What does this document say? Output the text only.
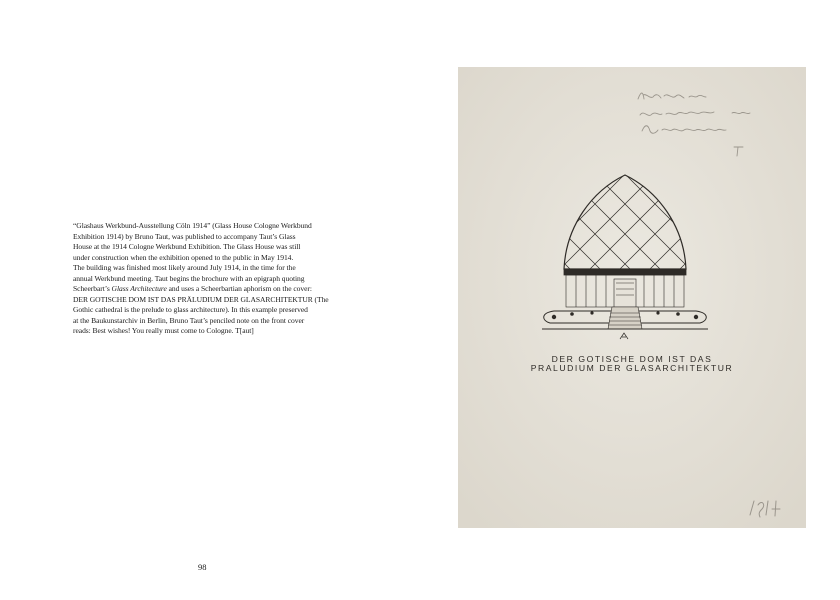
“Glashaus Werkbund-Ausstellung Cöln 1914” (Glass House Cologne Werkbund
Exhibition 1914) by Bruno Taut, was published to accompany Taut’s Glass
House at the 1914 Cologne Werkbund Exhibition. The Glass House was still
under construction when the exhibition opened to the public in May 1914.
The building was finished most likely around July 1914, in the time for the
annual Werkbund meeting. Taut begins the brochure with an epigraph quoting
Scheerbart’s Glass Architecture and uses a Scheerbartian aphorism on the cover:
DER GOTISCHE DOM IST DAS PRÄLUDIUM DER GLASARCHITEKTUR (The
Gothic cathedral is the prelude to glass architecture). In this example preserved
at the Baukunstarchiv in Berlin, Bruno Taut’s penciled note on the front cover
reads: Best wishes! You really must come to Cologne. T[aut]
98
DER GOTISCHE DOM IST DAS
PRALUDIUM DER GLASARCHITEKTUR
